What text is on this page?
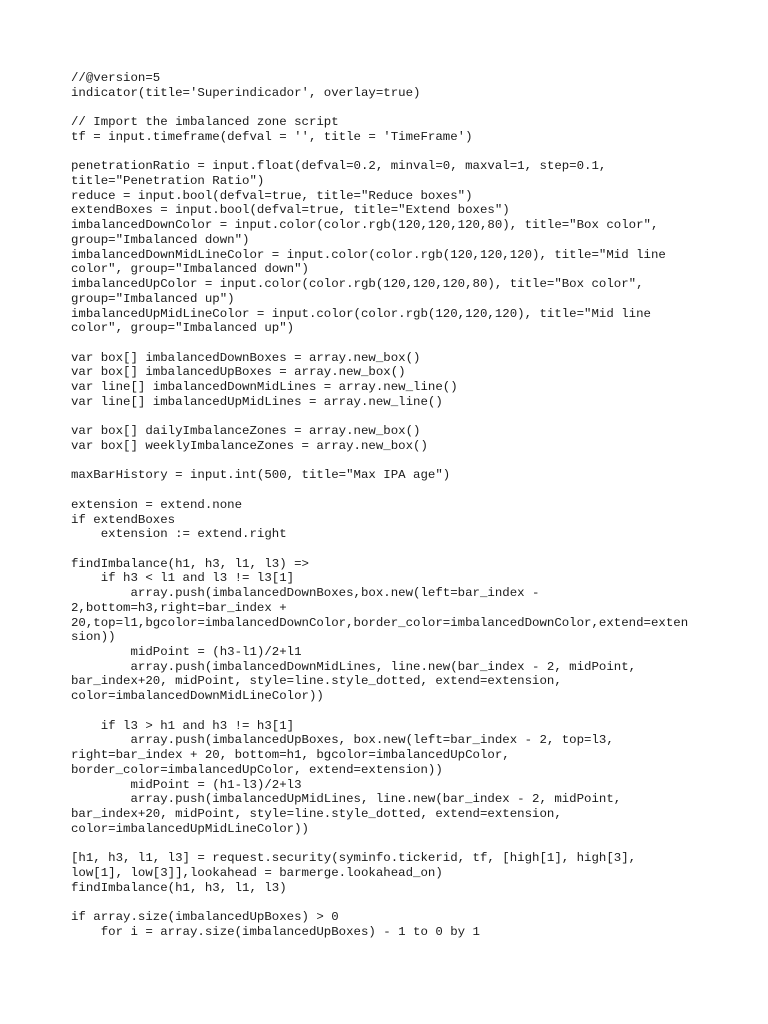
//@version=5
indicator(title='Superindicador', overlay=true)
// Import the imbalanced zone script
tf = input.timeframe(defval = '', title = 'TimeFrame')
penetrationRatio = input.float(defval=0.2, minval=0, maxval=1, step=0.1,
title="Penetration Ratio")
reduce = input.bool(defval=true, title="Reduce boxes")
extendBoxes = input.bool(defval=true, title="Extend boxes")
imbalancedDownColor = input.color(color.rgb(120,120,120,80), title="Box color",
group="Imbalanced down")
imbalancedDownMidLineColor = input.color(color.rgb(120,120,120), title="Mid line
color", group="Imbalanced down")
imbalancedUpColor = input.color(color.rgb(120,120,120,80), title="Box color",
group="Imbalanced up")
imbalancedUpMidLineColor = input.color(color.rgb(120,120,120), title="Mid line
color", group="Imbalanced up")
var box[] imbalancedDownBoxes = array.new_box()
var box[] imbalancedUpBoxes = array.new_box()
var line[] imbalancedDownMidLines = array.new_line()
var line[] imbalancedUpMidLines = array.new_line()
var box[] dailyImbalanceZones = array.new_box()
var box[] weeklyImbalanceZones = array.new_box()
maxBarHistory = input.int(500, title="Max IPA age")
extension = extend.none
if extendBoxes
extension := extend.right
findImbalance(h1, h3, l1, l3) =>
if h3 < l1 and l3 != l3[1]
array.push(imbalancedDownBoxes,box.new(left=bar_index -
2,bottom=h3,right=bar_index +
20,top=l1,bgcolor=imbalancedDownColor,border_color=imbalancedDownColor,extend=exten
sion))
midPoint = (h3-l1)/2+l1
array.push(imbalancedDownMidLines, line.new(bar_index - 2, midPoint,
bar_index+20, midPoint, style=line.style_dotted, extend=extension,
color=imbalancedDownMidLineColor))
if l3 > h1 and h3 != h3[1]
array.push(imbalancedUpBoxes, box.new(left=bar_index - 2, top=l3,
right=bar_index + 20, bottom=h1, bgcolor=imbalancedUpColor,
border_color=imbalancedUpColor, extend=extension))
midPoint = (h1-l3)/2+l3
array.push(imbalancedUpMidLines, line.new(bar_index - 2, midPoint,
bar_index+20, midPoint, style=line.style_dotted, extend=extension,
color=imbalancedUpMidLineColor))
[h1, h3, l1, l3] = request.security(syminfo.tickerid, tf, [high[1], high[3],
low[1], low[3]],lookahead = barmerge.lookahead_on)
findImbalance(h1, h3, l1, l3)
if array.size(imbalancedUpBoxes) > 0
for i = array.size(imbalancedUpBoxes) - 1 to 0 by 1
